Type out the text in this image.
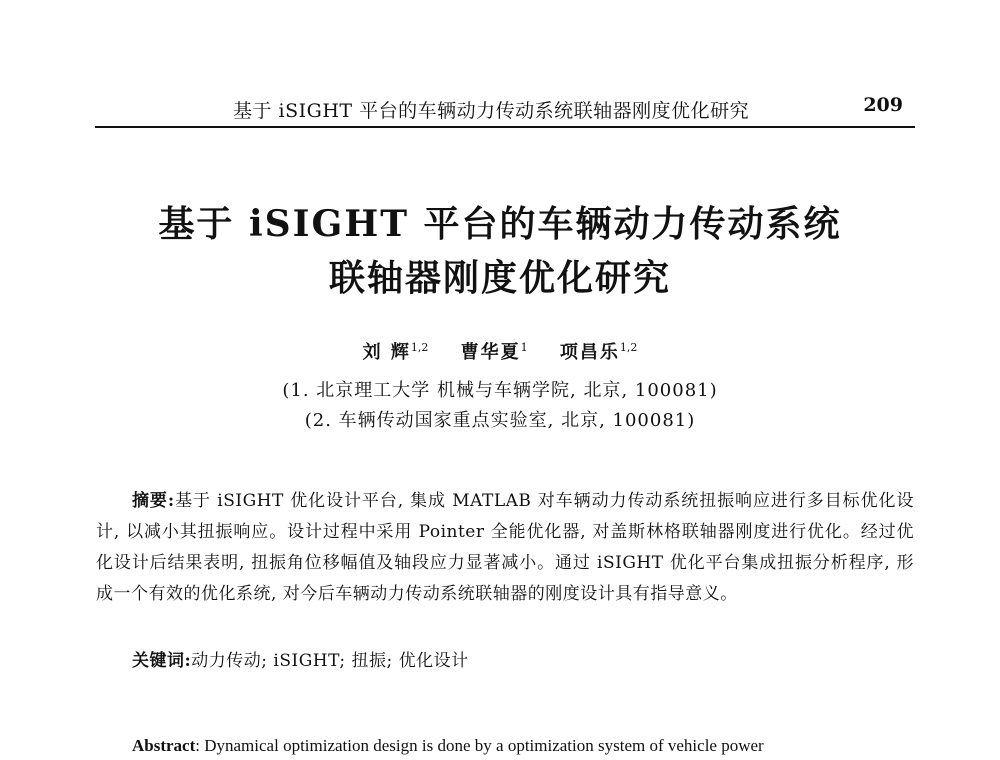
基于 iSIGHT 平台的车辆动力传动系统联轴器刚度优化研究	209
基于 iSIGHT 平台的车辆动力传动系统
联轴器刚度优化研究
刘 辉$^{1,2}$ 曹华夏$^1$ 项昌乐$^{1,2}$
(1. 北京理工大学 机械与车辆学院, 北京, 100081)
(2. 车辆传动国家重点实验室, 北京, 100081)
摘要:基于 iSIGHT 优化设计平台, 集成 MATLAB 对车辆动力传动系统扭振响应进行多目标优化设计, 以减小其扭振响应。设计过程中采用 Pointer 全能优化器, 对盖斯林格联轴器刚度进行优化。经过优化设计后结果表明, 扭振角位移幅值及轴段应力显著减小。通过 iSIGHT 优化平台集成扭振分析程序, 形成一个有效的优化系统, 对今后车辆动力传动系统联轴器的刚度设计具有指导意义。
关键词:动力传动; iSIGHT; 扭振; 优化设计
Abstract: Dynamical optimization design is done by a optimization system of vehicle power
